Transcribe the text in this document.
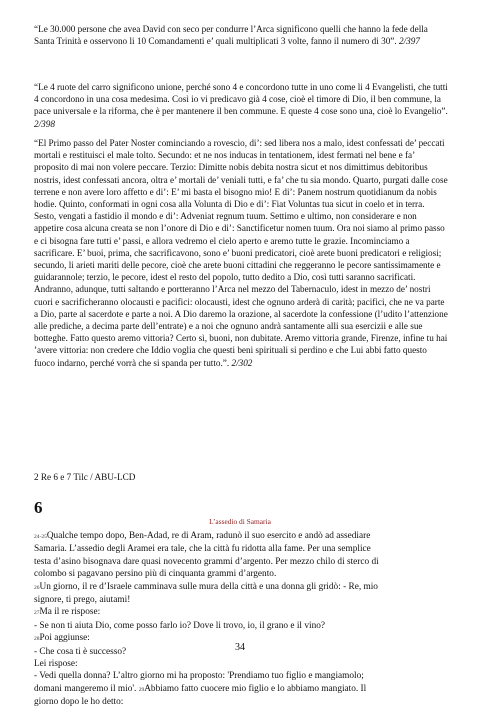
“Le 30.000 persone che avea David con seco per condurre l’Arca significono quelli che hanno la fede della Santa Trinità e osservono li 10 Comandamenti e’ quali multiplicati 3 volte, fanno il numero di 30”. 2/397

“Le 4 ruote del carro significono unione, perché sono 4 e concordono tutte in uno come li 4 Evangelisti, che tutti 4 concordono in una cosa medesima. Così io vi predicavo già 4 cose, cioè el timore di Dio, il ben commune, la pace universale e la riforma, che è per mantenere il ben commune. E queste 4 cose sono una, cioè lo Evangelio”. 2/398

“El Primo passo del Pater Noster cominciando a rovescio, di’: sed libera nos a malo, idest confessati de’ peccati mortali e restituisci el male tolto. Secundo: et ne nos inducas in tentationem, idest fermati nel bene e fa’ proposito di mai non volere peccare. Terzio: Dimitte nobis debita nostra sicut et nos dimittimus debitoribus nostris, idest confessati ancora, oltra e’ mortali de’ veniali tutti, e fa’ che tu sia mondo. Quarto, purgati dalle cose terrene e non avere loro affetto e di’: E’ mi basta el bisogno mio! E di’: Panem nostrum quotidianum da nobis hodie. Quinto, conformati in ogni cosa alla Volunta di Dio e di’: Fiat Voluntas tua sicut in coelo et in terra. Sesto, vengati a fastidio il mondo e di’: Adveniat regnum tuum. Settimo e ultimo, non considerare e non appetire cosa alcuna creata se non l’onore di Dio e di’: Sanctificetur nomen tuum. Ora noi siamo al primo passo e ci bisogna fare tutti e’ passi, e allora vedremo el cielo aperto e aremo tutte le grazie. Incominciamo a sacrificare. E’ buoi, prima, che sacrificavono, sono e’ buoni predicatori, cioè arete buoni predicatori e religiosi; secundo, li arieti mariti delle pecore, cioè che arete buoni cittadini che reggeranno le pecore santissimamente e guidarannole; terzio, le pecore, idest el resto del popolo, tutto dedito a Dio, così tutti saranno sacrificati. Andranno, adunque, tutti saltando e portteranno l’Arca nel mezzo del Tabernaculo, idest in mezzo de’ nostri cuori e sacrificheranno olocausti e pacifici: olocausti, idest che ognuno arderà di carità; pacifici, che ne va parte a Dio, parte al sacerdote e parte a noi. A Dio daremo la orazione, al sacerdote la confessione (l’udito l’attenzione alle prediche, a decima parte dell’entrate) e a noi che ognuno andrà santamente alli sua esercizii e alle sue botteghe. Fatto questo aremo vittoria? Certo sì, buoni, non dubitate. Aremo vittoria grande, Firenze, infine tu hai ’avere vittoria: non credere che Iddio voglia che questi beni spirituali si perdino e che Lui abbi fatto questo fuoco indarno, perché vorrà che si spanda per tutto.”. 2/302

2 Re 6 e 7 Tilc / ABU-LCD
6
L’assedio di Samaria
24-25Qualche tempo dopo, Ben-Adad, re di Aram, radunò il suo esercito e andò ad assediare
Samaria. L’assedio degli Aramei era tale, che la città fu ridotta alla fame. Per una semplice
testa d’asino bisognava dare quasi novecento grammi d’argento. Per mezzo chilo di sterco di
colombo si pagavano persino più di cinquanta grammi d’argento.
26Un giorno, il re d’Israele camminava sulle mura della città e una donna gli gridò: - Re, mio
signore, ti prego, aiutami!
27Ma il re rispose:
- Se non ti aiuta Dio, come posso farlo io? Dove li trovo, io, il grano e il vino?
28Poi aggiunse:
- Che cosa ti è successo?
Lei rispose:
- Vedi quella donna? L’altro giorno mi ha proposto: 'Prendiamo tuo figlio e mangiamolo;
domani mangeremo il mio'. 29Abbiamo fatto cuocere mio figlio e lo abbiamo mangiato. Il
giorno dopo le ho detto:
34
